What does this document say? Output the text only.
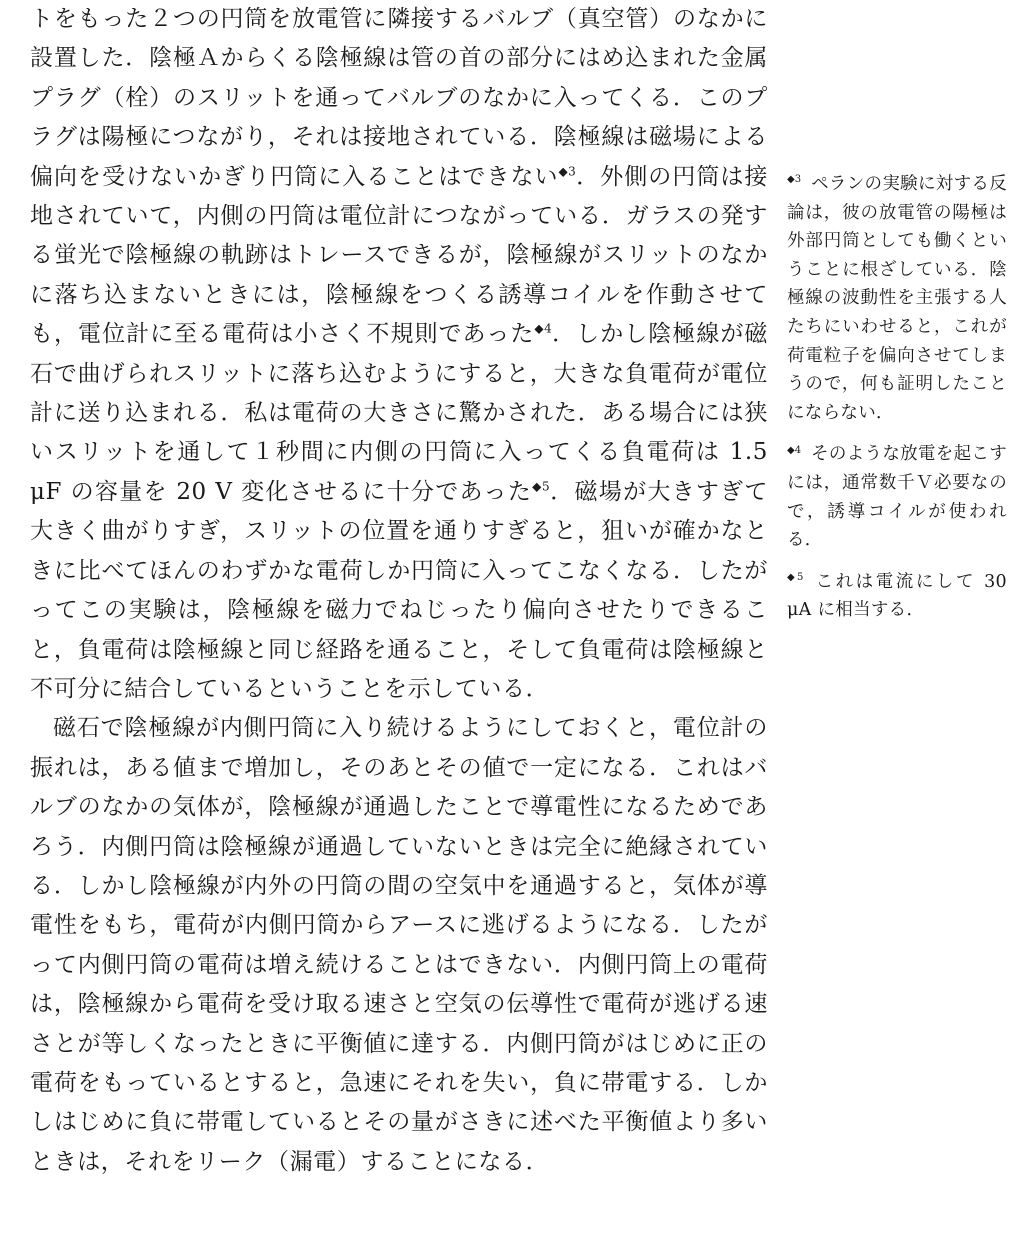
トをもった２つの円筒を放電管に隣接するバルブ（真空管）のなかに設置した．陰極Ａからくる陰極線は管の首の部分にはめ込まれた金属プラグ（栓）のスリットを通ってバルブのなかに入ってくる．このプラグは陽極につながり，それは接地されている．陰極線は磁場による偏向を受けないかぎり円筒に入ることはできない$^{◆3}$．外側の円筒は接地されていて，内側の円筒は電位計につながっている．ガラスの発する蛍光で陰極線の軌跡はトレースできるが，陰極線がスリットのなかに落ち込まないときには，陰極線をつくる誘導コイルを作動させても，電位計に至る電荷は小さく不規則であった$^{◆4}$．しかし陰極線が磁石で曲げられスリットに落ち込むようにすると，大きな負電荷が電位計に送り込まれる．私は電荷の大きさに驚かされた．ある場合には狭いスリットを通して１秒間に内側の円筒に入ってくる負電荷は 1.5 μF の容量を 20 V 変化させるに十分であった$^{◆5}$．磁場が大きすぎて大きく曲がりすぎ，スリットの位置を通りすぎると，狙いが確かなときに比べてほんのわずかな電荷しか円筒に入ってこなくなる．したがってこの実験は，陰極線を磁力でねじったり偏向させたりできること，負電荷は陰極線と同じ経路を通ること，そして負電荷は陰極線と不可分に結合しているということを示している．

磁石で陰極線が内側円筒に入り続けるようにしておくと，電位計の振れは，ある値まで増加し，そのあとその値で一定になる．これはバルブのなかの気体が，陰極線が通過したことで導電性になるためであろう．内側円筒は陰極線が通過していないときは完全に絶縁されている．しかし陰極線が内外の円筒の間の空気中を通過すると，気体が導電性をもち，電荷が内側円筒からアースに逃げるようになる．したがって内側円筒の電荷は増え続けることはできない．内側円筒上の電荷は，陰極線から電荷を受け取る速さと空気の伝導性で電荷が逃げる速さとが等しくなったときに平衡値に達する．内側円筒がはじめに正の電荷をもっているとすると，急速にそれを失い，負に帯電する．しかしはじめに負に帯電しているとその量がさきに述べた平衡値より多いときは，それをリーク（漏電）することになる．

$^{◆3}$ ペランの実験に対する反論は，彼の放電管の陽極は外部円筒としても働くということに根ざしている．陰極線の波動性を主張する人たちにいわせると，これが荷電粒子を偏向させてしまうので，何も証明したことにならない．

$^{◆4}$ そのような放電を起こすには，通常数千Ｖ必要なので，誘導コイルが使われる．

$^{◆5}$ これは電流にして 30 μA に相当する．
